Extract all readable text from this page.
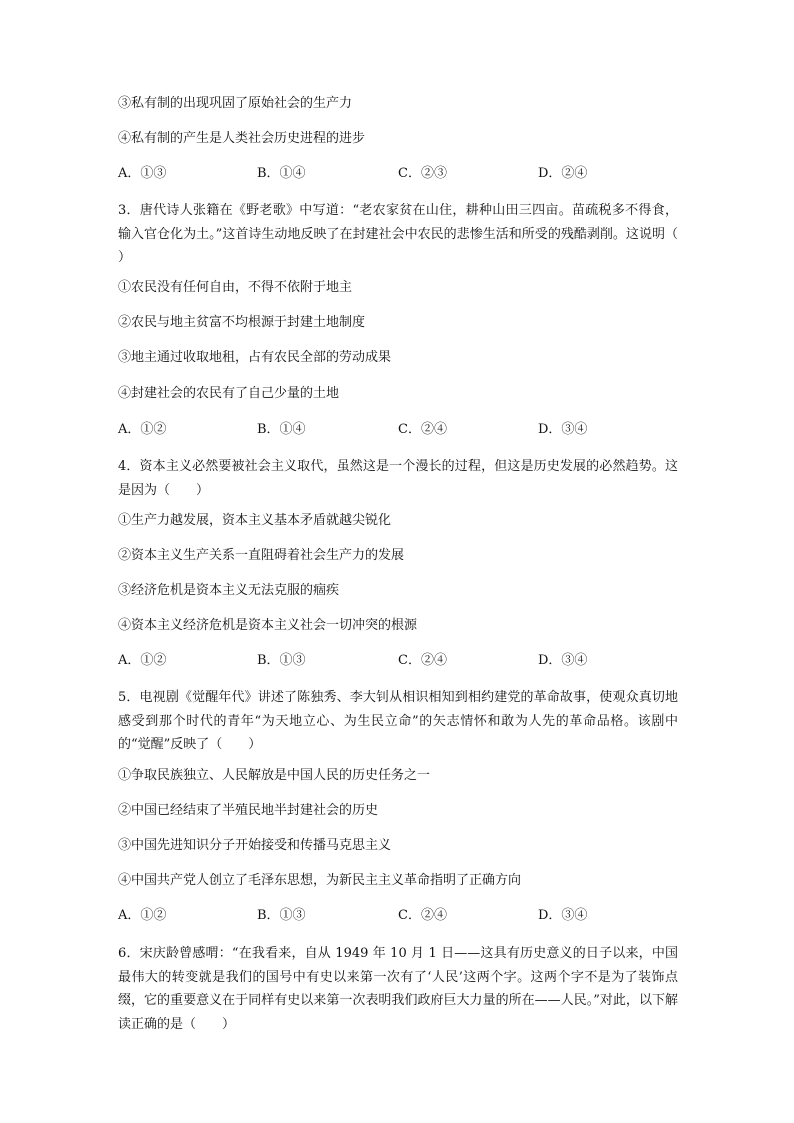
③私有制的出现巩固了原始社会的生产力
④私有制的产生是人类社会历史进程的进步
A．①③	B．①④	C．②③	D．②④
3．唐代诗人张籍在《野老歌》中写道：“老农家贫在山住，耕种山田三四亩。苗疏税多不得食，输入官仓化为土。”这首诗生动地反映了在封建社会中农民的悲惨生活和所受的残酷剥削。这说明（　　）
①农民没有任何自由，不得不依附于地主
②农民与地主贫富不均根源于封建土地制度
③地主通过收取地租，占有农民全部的劳动成果
④封建社会的农民有了自己少量的土地
A．①②	B．①④	C．②④	D．③④
4．资本主义必然要被社会主义取代，虽然这是一个漫长的过程，但这是历史发展的必然趋势。这是因为（　　）
①生产力越发展，资本主义基本矛盾就越尖锐化
②资本主义生产关系一直阻碍着社会生产力的发展
③经济危机是资本主义无法克服的痼疾
④资本主义经济危机是资本主义社会一切冲突的根源
A．①②	B．①③	C．②④	D．③④
5．电视剧《觉醒年代》讲述了陈独秀、李大钊从相识相知到相约建党的革命故事，使观众真切地感受到那个时代的青年“为天地立心、为生民立命”的矢志情怀和敢为人先的革命品格。该剧中的“觉醒”反映了（　　）
①争取民族独立、人民解放是中国人民的历史任务之一
②中国已经结束了半殖民地半封建社会的历史
③中国先进知识分子开始接受和传播马克思主义
④中国共产党人创立了毛泽东思想，为新民主主义革命指明了正确方向
A．①②	B．①③	C．②④	D．③④
6．宋庆龄曾感喟：“在我看来，自从 1949 年 10 月 1 日——这具有历史意义的日子以来，中国最伟大的转变就是我们的国号中有史以来第一次有了‘人民’这两个字。这两个字不是为了装饰点缀，它的重要意义在于同样有史以来第一次表明我们政府巨大力量的所在——人民。”对此，以下解读正确的是（　　）
